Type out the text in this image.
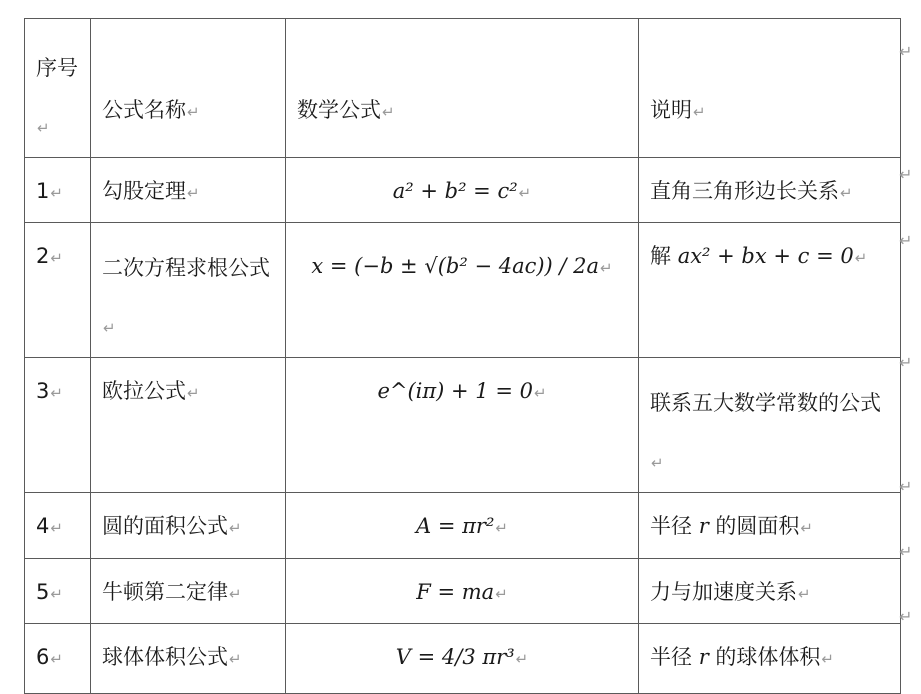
序号↵	公式名称↵	数学公式↵	说明↵
1↵	勾股定理↵	a² + b² = c²↵	直角三角形边长关系↵
2↵	二次方程求根公式↵	x = (−b ± √(b² − 4ac)) / 2a↵	解 ax² + bx + c = 0↵
3↵	欧拉公式↵	e^(iπ) + 1 = 0↵	联系五大数学常数的公式↵
4↵	圆的面积公式↵	A = πr²↵	半径 r 的圆面积↵
5↵	牛顿第二定律↵	F = ma↵	力与加速度关系↵
6↵	球体体积公式↵	V = 4/3 πr³↵	半径 r 的球体体积↵
↵
↵
↵
↵
↵
↵
↵
